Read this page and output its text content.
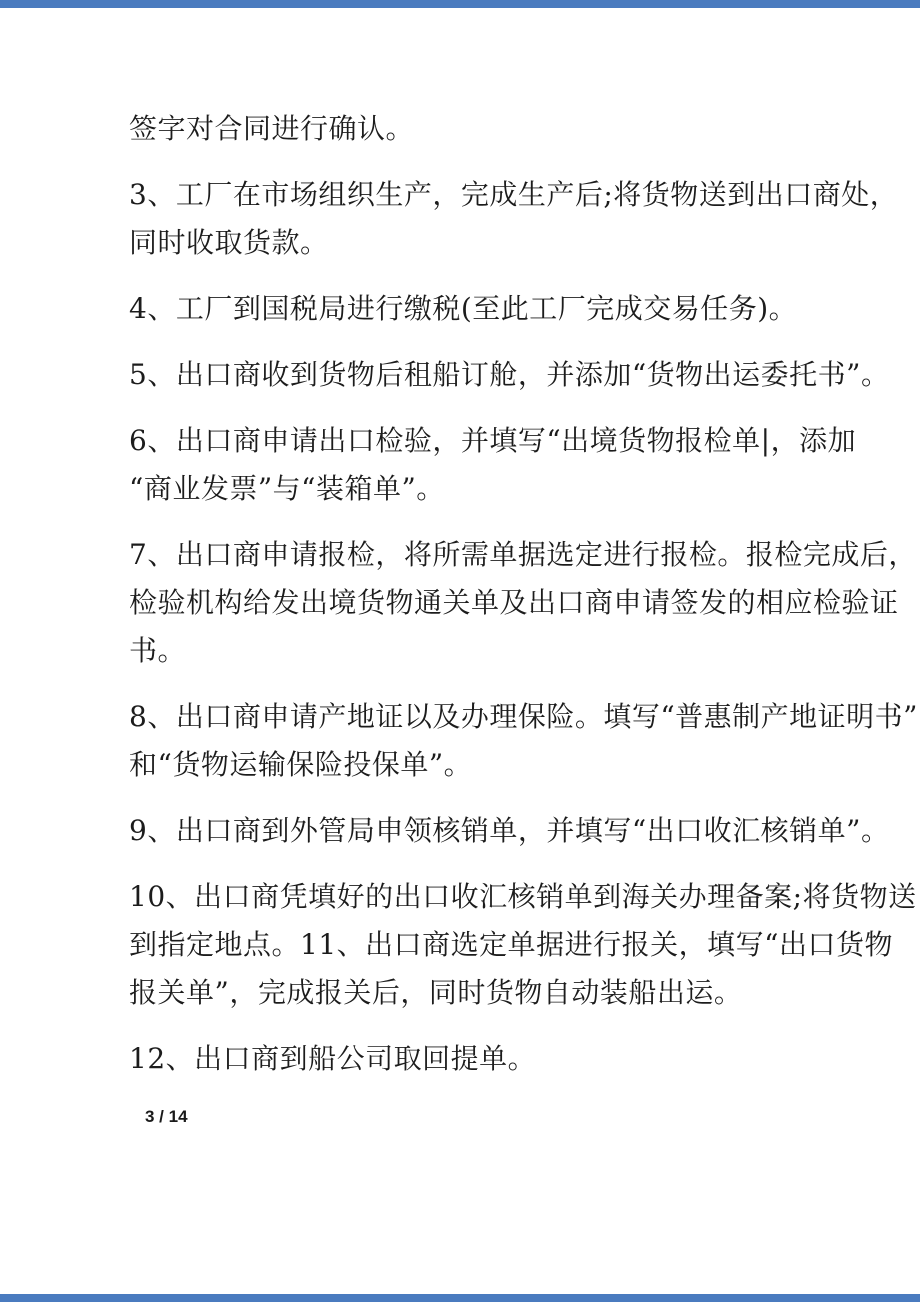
签字对合同进行确认。
3、工厂在市场组织生产，完成生产后;将货物送到出口商处，
同时收取货款。
4、工厂到国税局进行缴税(至此工厂完成交易任务)。
5、出口商收到货物后租船订舱，并添加“货物出运委托书”。
6、出口商申请出口检验，并填写“出境货物报检单|，添加
“商业发票”与“装箱单”。
7、出口商申请报检，将所需单据选定进行报检。报检完成后，
检验机构给发出境货物通关单及出口商申请签发的相应检验证
书。
8、出口商申请产地证以及办理保险。填写“普惠制产地证明书”
和“货物运输保险投保单”。
9、出口商到外管局申领核销单，并填写“出口收汇核销单”。
10、出口商凭填好的出口收汇核销单到海关办理备案;将货物送
到指定地点。11、出口商选定单据进行报关，填写“出口货物
报关单”，完成报关后，同时货物自动装船出运。
12、出口商到船公司取回提单。
3 / 14
